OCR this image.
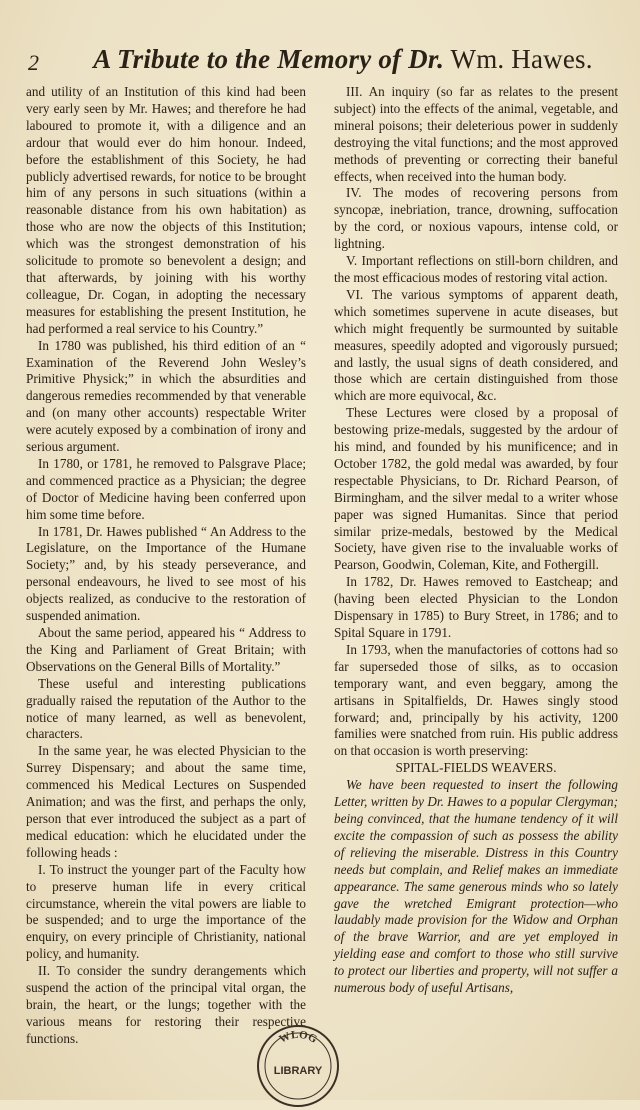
2	A Tribute to the Memory of Dr. Wm. Hawes.

and utility of an Institution of this kind had been very early seen by Mr. Hawes; and therefore he had laboured to promote it, with a diligence and an ardour that would ever do him honour. Indeed, before the establishment of this Society, he had publicly advertised rewards, for notice to be brought him of any persons in such situations (within a reasonable distance from his own habitation) as those who are now the objects of this Institution; which was the strongest demonstration of his solicitude to promote so benevolent a design; and that afterwards, by joining with his worthy colleague, Dr. Cogan, in adopting the necessary measures for establishing the present Institution, he had performed a real service to his Country.”

In 1780 was published, his third edition of an “ Examination of the Reverend John Wesley’s Primitive Physick;” in which the absurdities and dangerous remedies recommended by that venerable and (on many other accounts) respectable Writer were acutely exposed by a combination of irony and serious argument.

In 1780, or 1781, he removed to Palsgrave Place; and commenced practice as a Physician; the degree of Doctor of Medicine having been conferred upon him some time before.

In 1781, Dr. Hawes published “ An Address to the Legislature, on the Importance of the Humane Society;” and, by his steady perseverance, and personal endeavours, he lived to see most of his objects realized, as conducive to the restoration of suspended animation.

About the same period, appeared his “ Address to the King and Parliament of Great Britain; with Observations on the General Bills of Mortality.”

These useful and interesting publications gradually raised the reputation of the Author to the notice of many learned, as well as benevolent, characters.

In the same year, he was elected Physician to the Surrey Dispensary; and about the same time, commenced his Medical Lectures on Suspended Animation; and was the first, and perhaps the only, person that ever introduced the subject as a part of medical education: which he elucidated under the following heads :

I. To instruct the younger part of the Faculty how to preserve human life in every critical circumstance, wherein the vital powers are liable to be suspended; and to urge the importance of the enquiry, on every principle of Christianity, national policy, and humanity.

II. To consider the sundry derangements which suspend the action of the principal vital organ, the brain, the heart, or the lungs; together with the various means for restoring their respective functions.

III. An inquiry (so far as relates to the present subject) into the effects of the animal, vegetable, and mineral poisons; their deleterious power in suddenly destroying the vital functions; and the most approved methods of preventing or correcting their baneful effects, when received into the human body.

IV. The modes of recovering persons from syncopæ, inebriation, trance, drowning, suffocation by the cord, or noxious vapours, intense cold, or lightning.

V. Important reflections on still-born children, and the most efficacious modes of restoring vital action.

VI. The various symptoms of apparent death, which sometimes supervene in acute diseases, but which might frequently be surmounted by suitable measures, speedily adopted and vigorously pursued; and lastly, the usual signs of death considered, and those which are certain distinguished from those which are more equivocal, &c.

These Lectures were closed by a proposal of bestowing prize-medals, suggested by the ardour of his mind, and founded by his munificence; and in October 1782, the gold medal was awarded, by four respectable Physicians, to Dr. Richard Pearson, of Birmingham, and the silver medal to a writer whose paper was signed Humanitas. Since that period similar prize-medals, bestowed by the Medical Society, have given rise to the invaluable works of Pearson, Goodwin, Coleman, Kite, and Fothergill.

In 1782, Dr. Hawes removed to Eastcheap; and (having been elected Physician to the London Dispensary in 1785) to Bury Street, in 1786; and to Spital Square in 1791.

In 1793, when the manufactories of cottons had so far superseded those of silks, as to occasion temporary want, and even beggary, among the artisans in Spitalfields, Dr. Hawes singly stood forward; and, principally by his activity, 1200 families were snatched from ruin. His public address on that occasion is worth preserving:

SPITAL-FIELDS WEAVERS.

We have been requested to insert the following Letter, written by Dr. Hawes to a popular Clergyman; being convinced, that the humane tendency of it will excite the compassion of such as possess the ability of relieving the miserable. Distress in this Country needs but complain, and Relief makes an immediate appearance. The same generous minds who so lately gave the wretched Emigrant protection—who laudably made provision for the Widow and Orphan of the brave Warrior, and are yet employed in yielding ease and comfort to those who still survive to protect our liberties and property, will not suffer a numerous body of useful Artisans,

WLOG
LIBRARY
